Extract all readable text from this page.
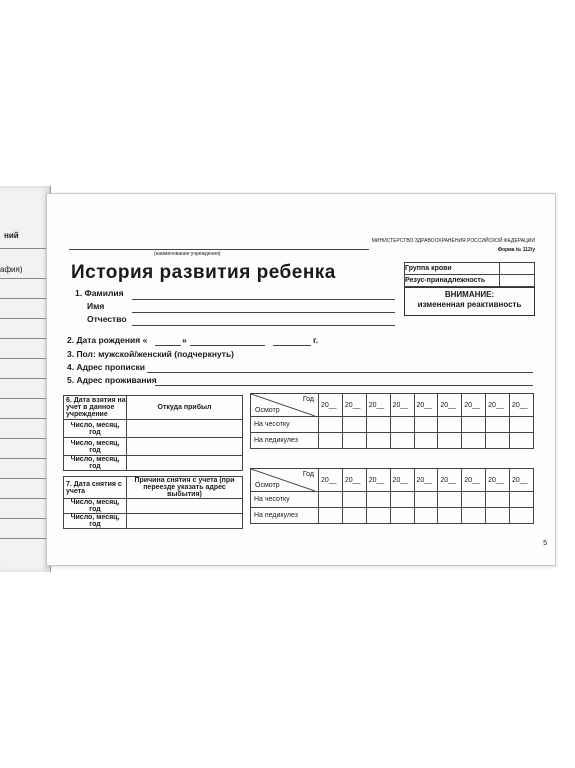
ний
афия)
МИНИСТЕРСТВО ЗДРАВООХРАНЕНИЯ РОССИЙСКОЙ ФЕДЕРАЦИИ
Форма № 112/у
(наименование учреждения)
История развития ребенка	Группа крови	
Резус-принадлежность	
ВНИМАНИЕ:
измененная реактивность
1. Фамилия
Имя
Отчество
2. Дата рождения «	»	г.
3. Пол: мужской/женский (подчеркнуть)
4. Адрес прописки
5. Адрес проживания
6. Дата взятия на учет в данное учреждение	Откуда прибыл
Число, месяц, год	
Число, месяц, год	
Число, месяц, год	
7. Дата снятия с учета	Причина снятия с учета (при переезде указать адрес выбытия)
Число, месяц, год	
Число, месяц, год	
Год
Осмотр	20__	20__	20__	20__	20__	20__	20__	20__	20__
На чесотку									
На педикулез									
Год
Осмотр	20__	20__	20__	20__	20__	20__	20__	20__	20__
На чесотку									
На педикулез									
5
